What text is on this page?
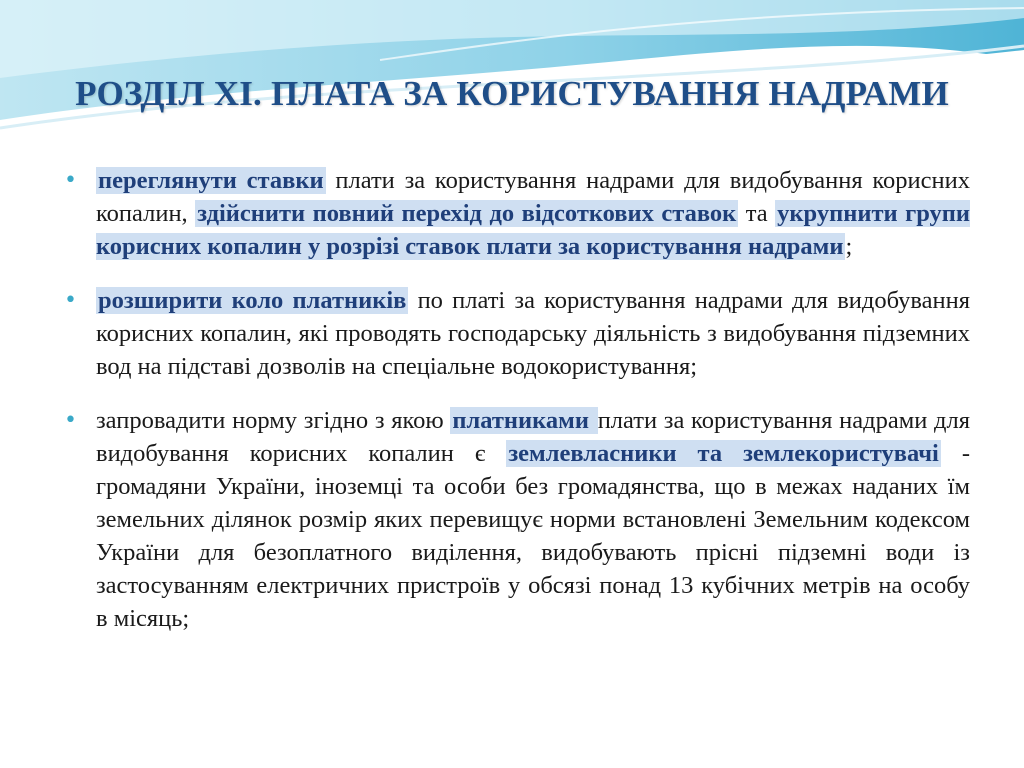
РОЗДІЛ XI. ПЛАТА ЗА КОРИСТУВАННЯ НАДРАМИ
• переглянути ставки плати за користування надрами для видобування корисних копалин, здійснити повний перехід до відсоткових ставок та укрупнити групи корисних копалин у розрізі ставок плати за користування надрами;

• розширити коло платників по платі за користування надрами для видобування корисних копалин, які проводять господарську діяльність з видобування підземних вод на підставі дозволів на спеціальне водокористування;

• запровадити норму згідно з якою платниками плати за користування надрами для видобування корисних копалин є землевласники та землекористувачі - громадяни України, іноземці та особи без громадянства, що в межах наданих їм земельних ділянок розмір яких перевищує норми встановлені Земельним кодексом України для безоплатного виділення, видобувають прісні підземні води із застосуванням електричних пристроїв у обсязі понад 13 кубічних метрів на особу в місяць;
